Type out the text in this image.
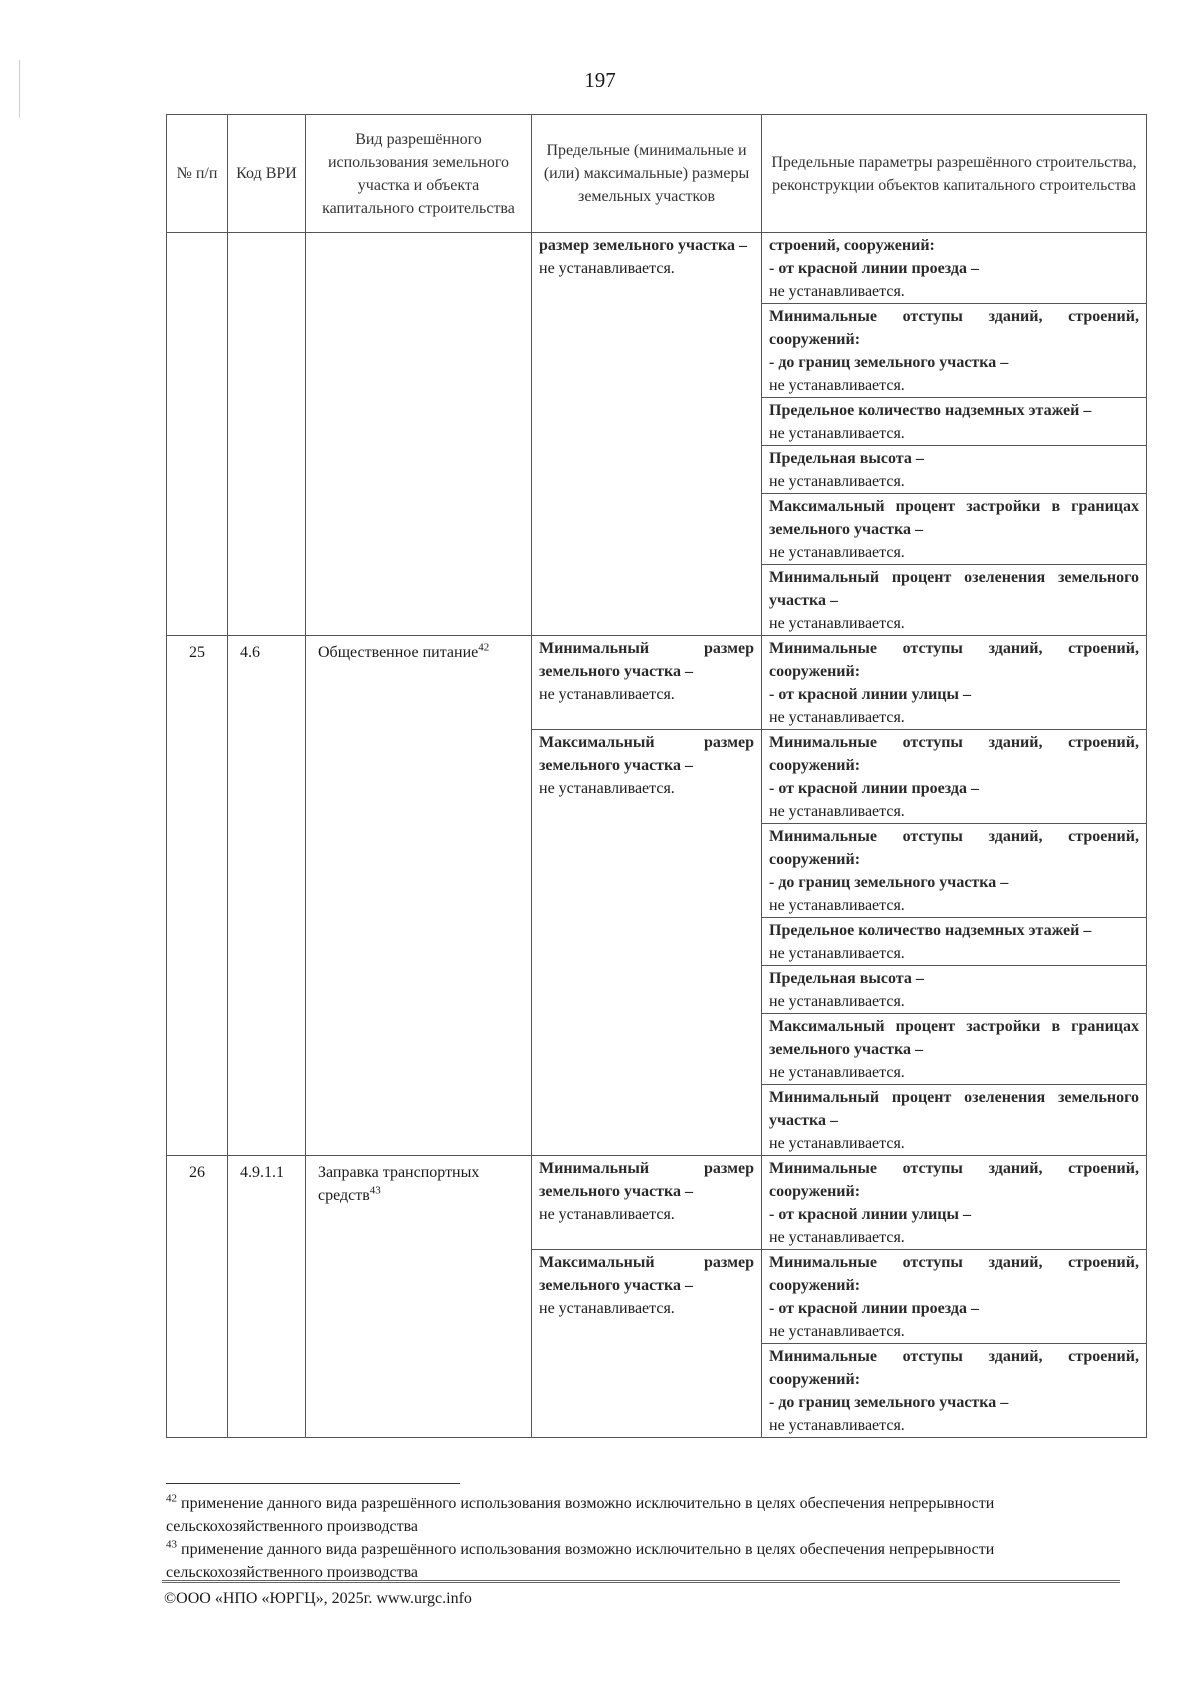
197
№ п/п	Код ВРИ	Вид разрешённого использования земельного участка и объекта капитального строительства	Предельные (минимальные и (или) максимальные) размеры земельных участков	Предельные параметры разрешённого строительства, реконструкции объектов капитального строительства

			размер земельного участка –
не устанавливается.	строений, сооружений:
- от красной линии проезда –
не устанавливается.

				Минимальные отступы зданий, строений, сооружений:
- до границ земельного участка –
не устанавливается.

				Предельное количество надземных этажей –
не устанавливается.

				Предельная высота –
не устанавливается.

				Максимальный процент застройки в границах земельного участка –
не устанавливается.

				Минимальный процент озеленения земельного участка –
не устанавливается.

25	4.6	Общественное питание$^{42}$	Минимальный размер земельного участка –
не устанавливается.	Минимальные отступы зданий, строений, сооружений:
- от красной линии улицы –
не устанавливается.

			Максимальный размер земельного участка –
не устанавливается.	Минимальные отступы зданий, строений, сооружений:
- от красной линии проезда –
не устанавливается.

				Минимальные отступы зданий, строений, сооружений:
- до границ земельного участка –
не устанавливается.

				Предельное количество надземных этажей –
не устанавливается.

				Предельная высота –
не устанавливается.

				Максимальный процент застройки в границах земельного участка –
не устанавливается.

				Минимальный процент озеленения земельного участка –
не устанавливается.

26	4.9.1.1	Заправка транспортных средств$^{43}$	Минимальный размер земельного участка –
не устанавливается.	Минимальные отступы зданий, строений, сооружений:
- от красной линии улицы –
не устанавливается.

			Максимальный размер земельного участка –
не устанавливается.	Минимальные отступы зданий, строений, сооружений:
- от красной линии проезда –
не устанавливается.

				Минимальные отступы зданий, строений, сооружений:
- до границ земельного участка –
не устанавливается.

$^{42}$ применение данного вида разрешённого использования возможно исключительно в целях обеспечения непрерывности сельскохозяйственного производства

$^{43}$ применение данного вида разрешённого использования возможно исключительно в целях обеспечения непрерывности сельскохозяйственного производства

©ООО «НПО «ЮРГЦ», 2025г. www.urgc.info
